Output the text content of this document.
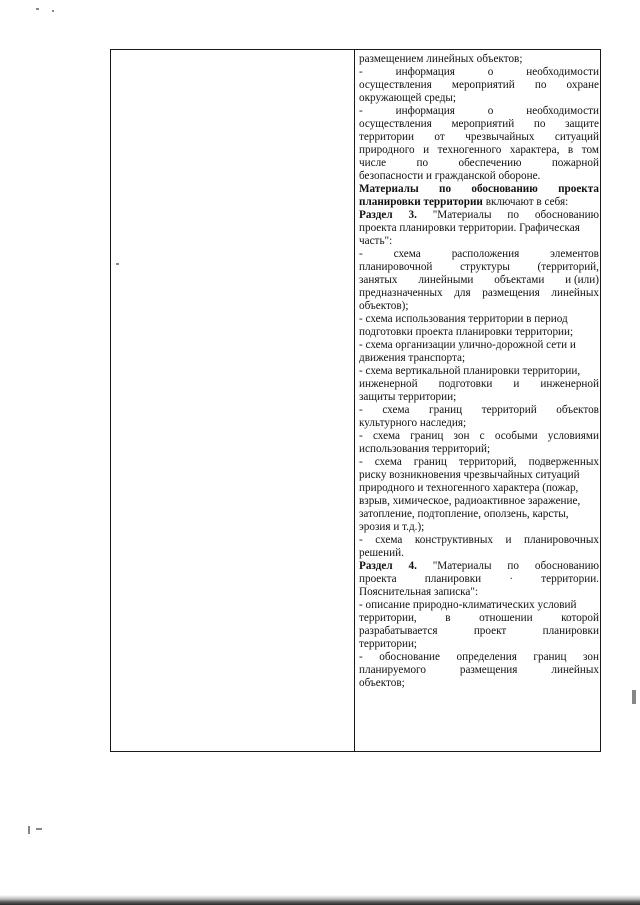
размещением линейных объектов;
-	информация	о	необходимости
осуществления мероприятий по охране
окружающей среды;
-	информация	о	необходимости
осуществления мероприятий по защите
территории от чрезвычайных ситуаций
природного и техногенного характера, в том
числе	по	обеспечению	пожарной
безопасности и гражданской обороне.
Материалы по обоснованию проекта
планировки территории включают в себя:
Раздел 3. "Материалы по обоснованию
проекта планировки территории. Графическая
часть":
-	схема	расположения	элементов
планировочной структуры (территорий,
занятых линейными объектами и (или)
предназначенных для размещения линейных
объектов);
- схема использования территории в период
подготовки проекта планировки территории;
- схема организации улично-дорожной сети и
движения транспорта;
- схема вертикальной планировки территории,
инженерной подготовки и инженерной
защиты территории;
- схема границ территорий объектов
культурного наследия;
- схема границ зон с особыми условиями
использования территорий;
- схема границ территорий, подверженных
риску возникновения чрезвычайных ситуаций
природного и техногенного характера (пожар,
взрыв, химическое, радиоактивное заражение,
затопление, подтопление, оползень, карсты,
эрозия и т.д.);
- схема конструктивных и планировочных
решений.
Раздел 4. "Материалы по обоснованию
проекта	планировки	·	территории.
Пояснительная записка":
- описание природно-климатических условий
территории,	в	отношении	которой
разрабатывается	проект	планировки
территории;
- обоснование определения границ зон
планируемого	размещения	линейных
объектов;
